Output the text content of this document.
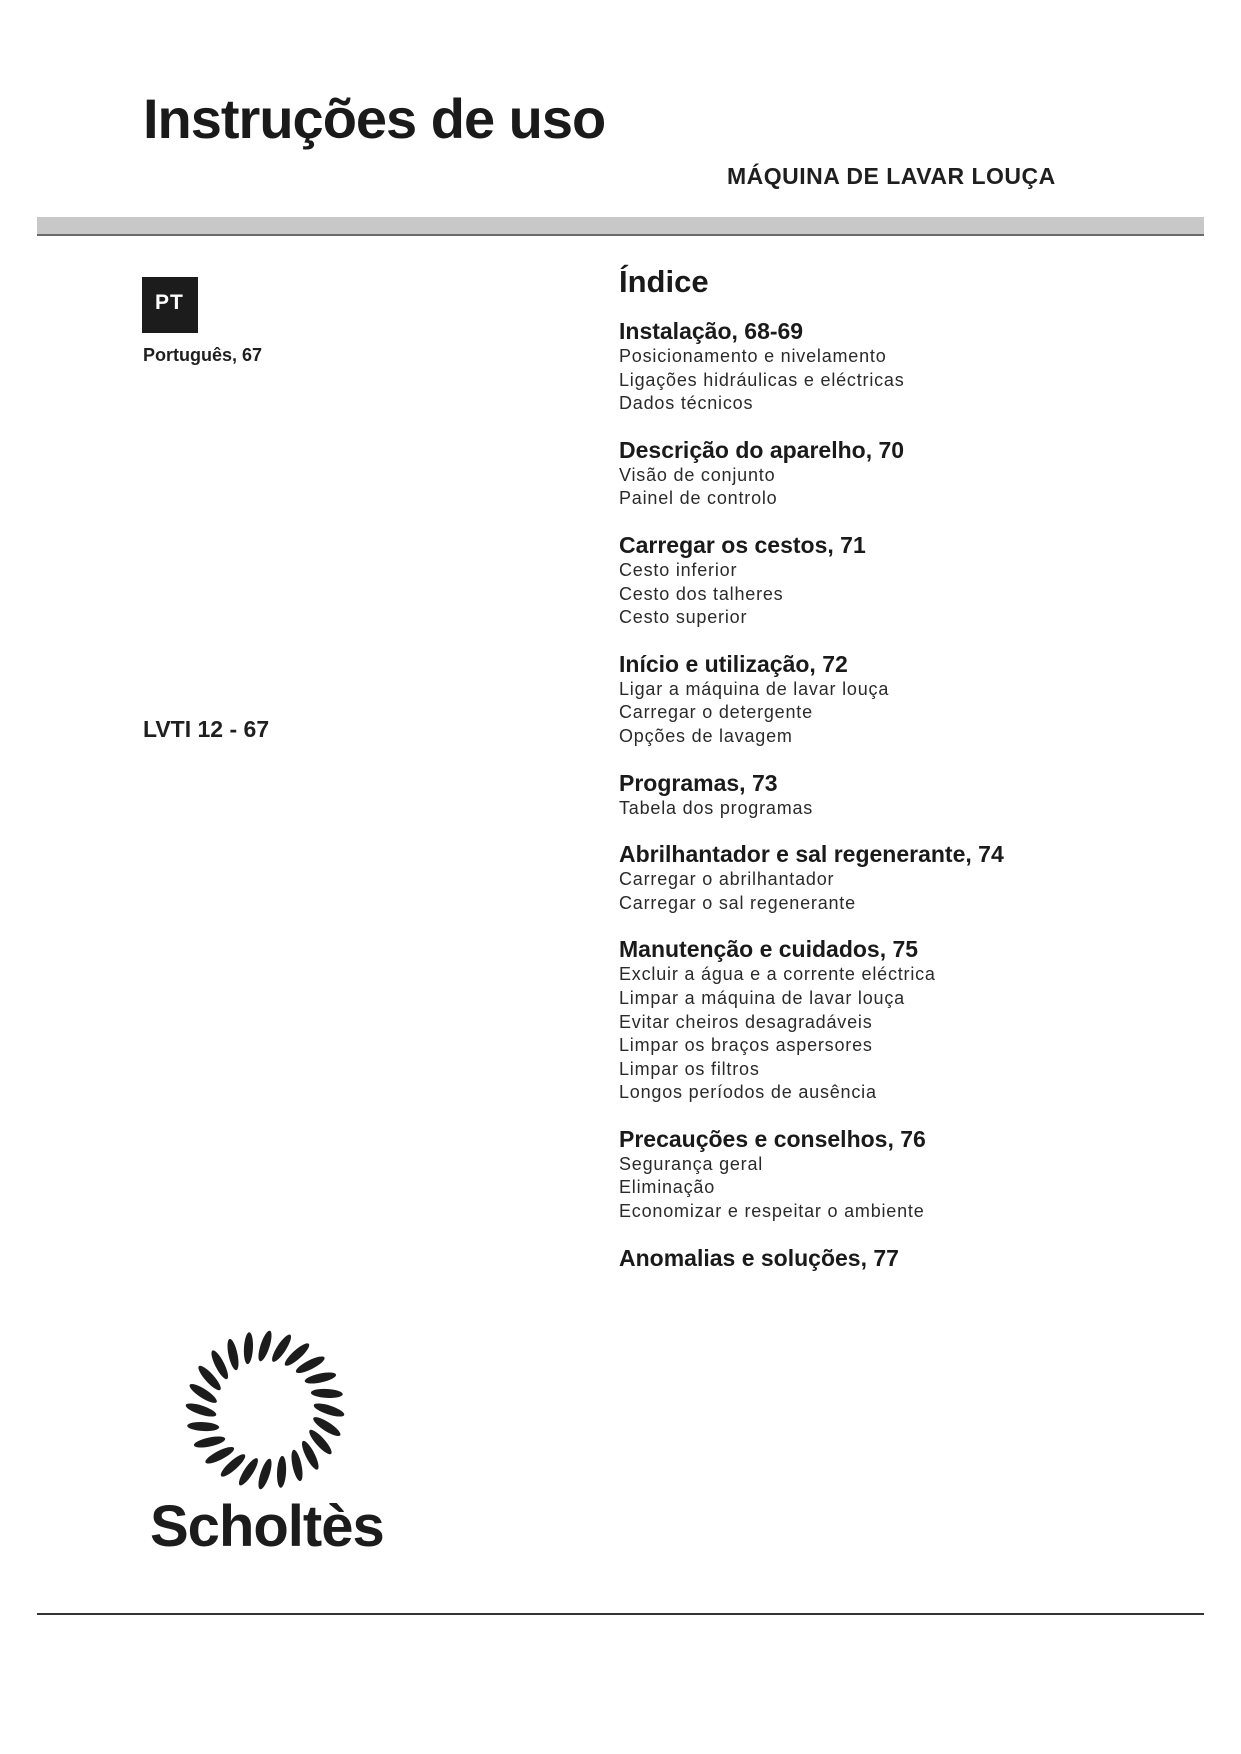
Instruções de uso
MÁQUINA DE LAVAR LOUÇA
PT
Português, 67
LVTI 12 - 67
Índice
Instalação, 68-69
Posicionamento e nivelamento
Ligações hidráulicas e eléctricas
Dados técnicos
Descrição do aparelho, 70
Visão de conjunto
Painel de controlo
Carregar os cestos, 71
Cesto inferior
Cesto dos talheres
Cesto superior
Início e utilização, 72
Ligar a máquina de lavar louça
Carregar o detergente
Opções de lavagem
Programas, 73
Tabela dos programas
Abrilhantador e sal regenerante, 74
Carregar o abrilhantador
Carregar o sal regenerante
Manutenção e cuidados, 75
Excluir a água e a corrente eléctrica
Limpar a máquina de lavar louça
Evitar cheiros desagradáveis
Limpar os braços aspersores
Limpar os filtros
Longos períodos de ausência
Precauções e conselhos, 76
Segurança geral
Eliminação
Economizar e respeitar o ambiente
Anomalias e soluções, 77
Scholtès
